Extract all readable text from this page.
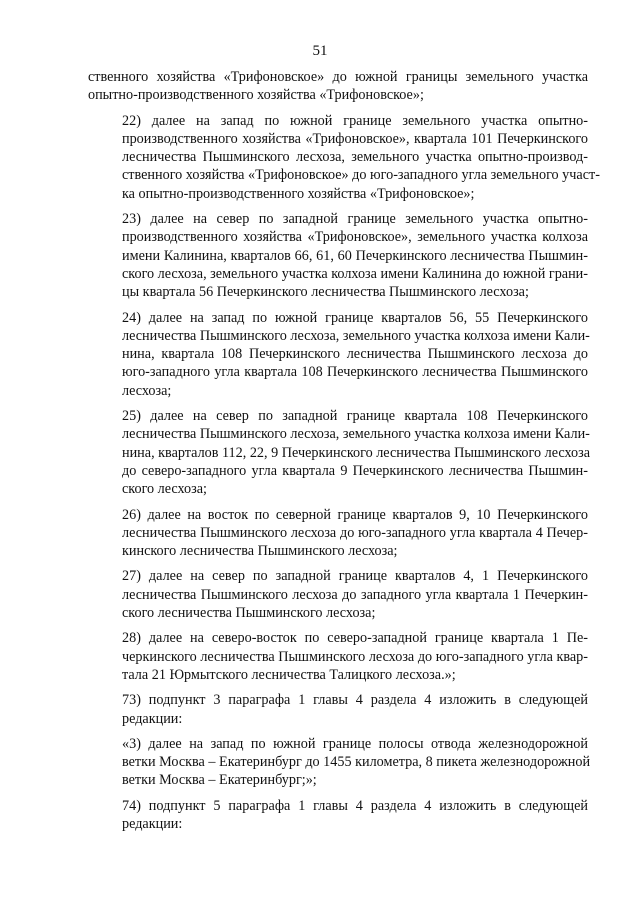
51

ственного хозяйства «Трифоновское» до южной границы земельного участка
опытно-производственного хозяйства «Трифоновское»;

22) далее на запад по южной границе земельного участка опытно-
производственного хозяйства «Трифоновское», квартала 101 Печеркинского
лесничества Пышминского лесхоза, земельного участка опытно-производ-
ственного хозяйства «Трифоновское» до юго-западного угла земельного участ-
ка опытно-производственного хозяйства «Трифоновское»;

23) далее на север по западной границе земельного участка опытно-
производственного хозяйства «Трифоновское», земельного участка колхоза
имени Калинина, кварталов 66, 61, 60 Печеркинского лесничества Пышмин-
ского лесхоза, земельного участка колхоза имени Калинина до южной грани-
цы квартала 56 Печеркинского лесничества Пышминского лесхоза;

24) далее на запад по южной границе кварталов 56, 55 Печеркинского
лесничества Пышминского лесхоза, земельного участка колхоза имени Кали-
нина, квартала 108 Печеркинского лесничества Пышминского лесхоза до
юго-западного угла квартала 108 Печеркинского лесничества Пышминского
лесхоза;

25) далее на север по западной границе квартала 108 Печеркинского
лесничества Пышминского лесхоза, земельного участка колхоза имени Кали-
нина, кварталов 112, 22, 9 Печеркинского лесничества Пышминского лесхоза
до северо-западного угла квартала 9 Печеркинского лесничества Пышмин-
ского лесхоза;

26) далее на восток по северной границе кварталов 9, 10 Печеркинского
лесничества Пышминского лесхоза до юго-западного угла квартала 4 Печер-
кинского лесничества Пышминского лесхоза;

27) далее на север по западной границе кварталов 4, 1 Печеркинского
лесничества Пышминского лесхоза до западного угла квартала 1 Печеркин-
ского лесничества Пышминского лесхоза;

28) далее на северо-восток по северо-западной границе квартала 1 Пе-
черкинского лесничества Пышминского лесхоза до юго-западного угла квар-
тала 21 Юрмытского лесничества Талицкого лесхоза.»;

73) подпункт 3 параграфа 1 главы 4 раздела 4 изложить в следующей
редакции:

«3) далее на запад по южной границе полосы отвода железнодорожной
ветки Москва – Екатеринбург до 1455 километра, 8 пикета железнодорожной
ветки Москва – Екатеринбург;»;

74) подпункт 5 параграфа 1 главы 4 раздела 4 изложить в следующей
редакции:
